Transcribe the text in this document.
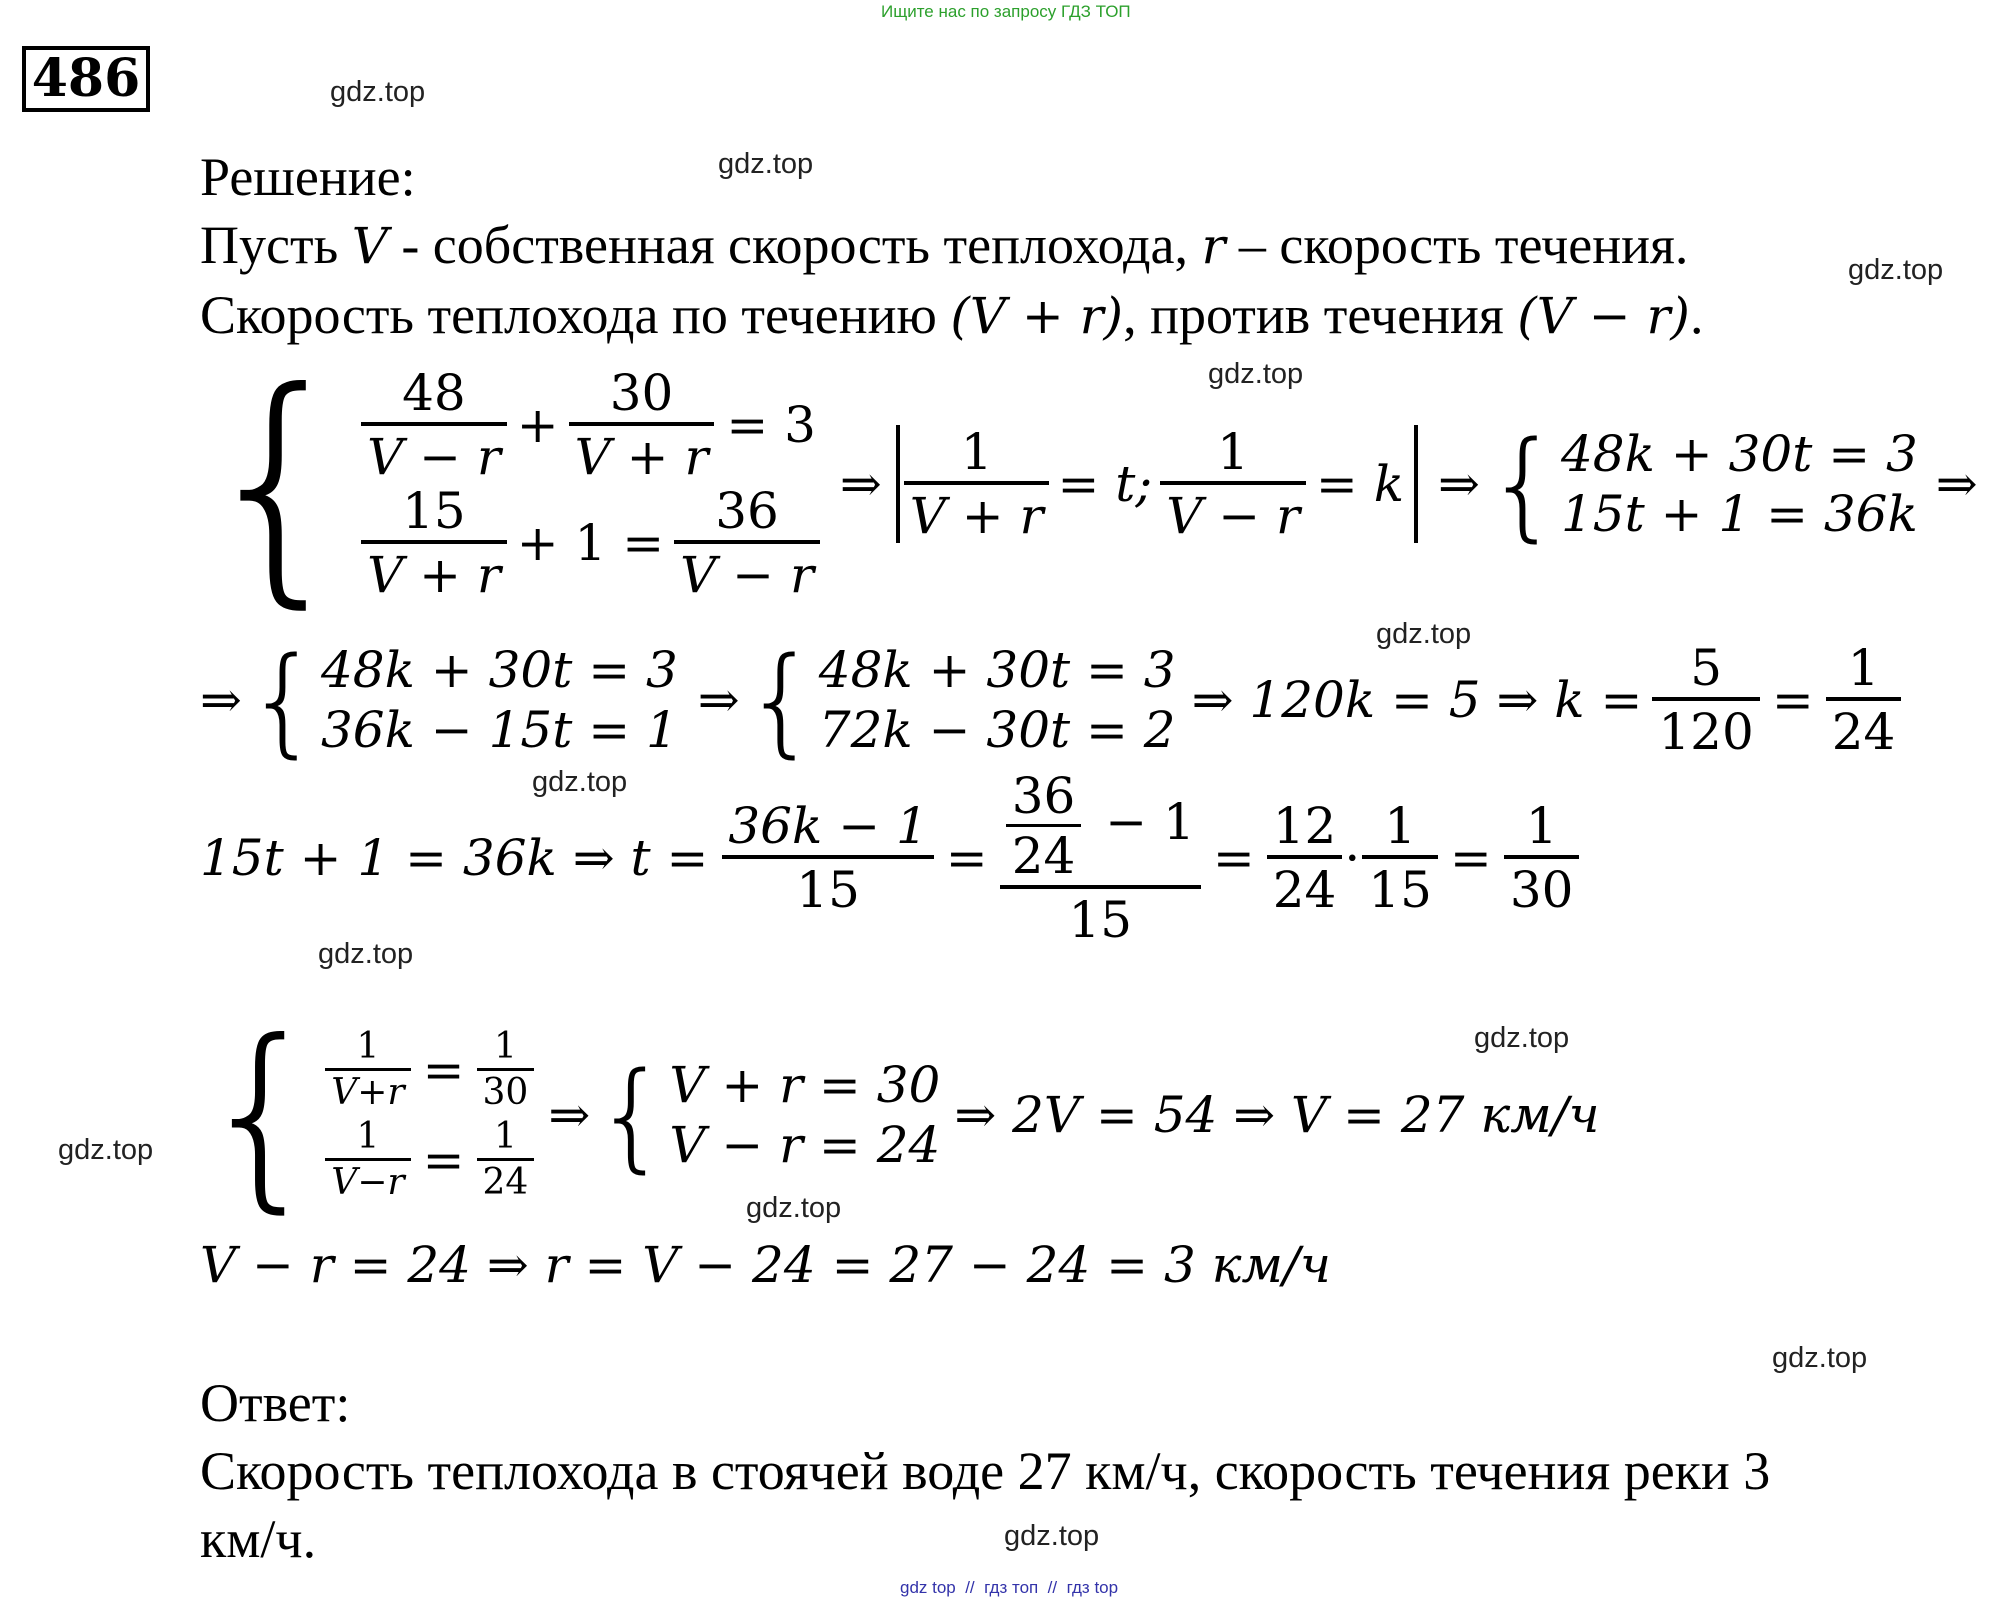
Ищите нас по запросу ГДЗ ТОП
486	gdz.top
gdz.top
gdz.top
gdz.top
gdz.top
gdz.top
gdz.top
gdz.top
gdz.top
gdz.top
gdz.top
gdz.top
Решение:
Пусть V - собственная скорость теплохода, r – скорость течения.
Скорость теплохода по течению (V + r), против течения (V − r).
{ $\frac{48}{V - r} + \frac{30}{V + r} = 3$
$\frac{15}{V + r} + 1 = \frac{36}{V - r}$
⇒ $\frac{1}{V + r} = t$; $\frac{1}{V - r} = k$ ⇒ { 48k + 30t = 3
15t + 1 = 36k
⇒
⇒ { 48k + 30t = 3
36k − 15t = 1
⇒ { 48k + 30t = 3
72k − 30t = 2
⇒ 120k = 5 ⇒ $k = \frac{5}{120} = \frac{1}{24}$
15t + 1 = 36k ⇒ $t = \frac{36k - 1}{15} = \frac{\frac{36}{24} - 1}{15} = \frac{12}{24} \cdot \frac{1}{15} = \frac{1}{30}$
{ $\frac{1}{V+r} = \frac{1}{30}$
$\frac{1}{V-r} = \frac{1}{24}$
⇒ { V + r = 30
V − r = 24
⇒ 2V = 54 ⇒ V = 27 км/ч
V − r = 24 ⇒ r = V − 24 = 27 − 24 = 3 км/ч
Ответ:
Скорость теплохода в стоячей воде 27 км/ч, скорость течения реки 3
км/ч.
gdz top  //  гдз топ  //  гдз top
